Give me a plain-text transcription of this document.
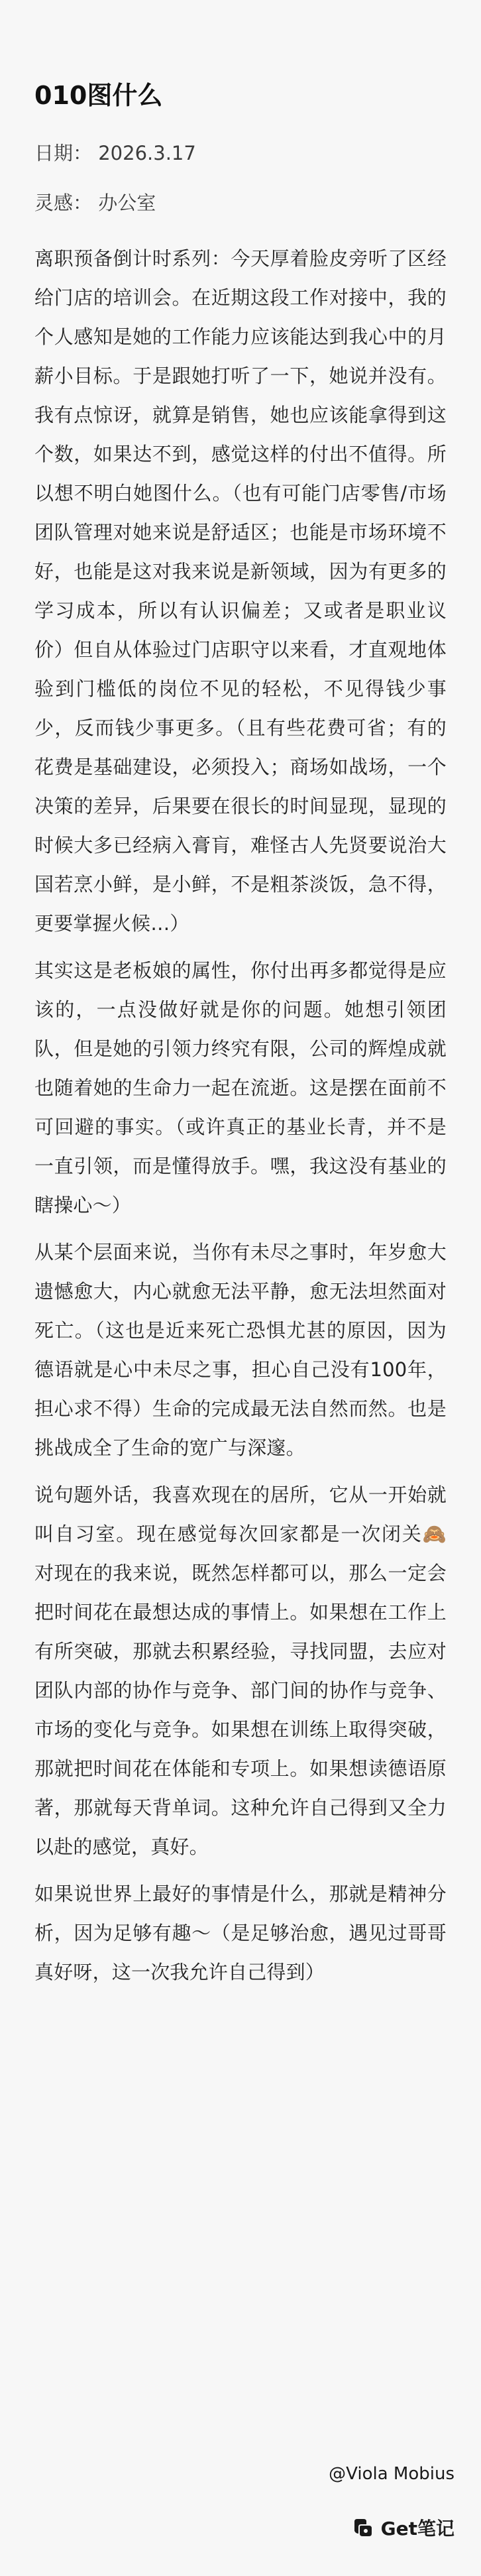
010图什么
日期： 2026.3.17
灵感： 办公室
离职预备倒计时系列：今天厚着脸皮旁听了区经给门店的培训会。在近期这段工作对接中，我的个人感知是她的工作能力应该能达到我心中的月薪小目标。于是跟她打听了一下，她说并没有。我有点惊讶，就算是销售，她也应该能拿得到这个数，如果达不到，感觉这样的付出不值得。所以想不明白她图什么。（也有可能门店零售/市场团队管理对她来说是舒适区；也能是市场环境不好，也能是这对我来说是新领域，因为有更多的学习成本，所以有认识偏差；又或者是职业议价）但自从体验过门店职守以来看，才直观地体验到门槛低的岗位不见的轻松，不见得钱少事少，反而钱少事更多。（且有些花费可省；有的花费是基础建设，必须投入；商场如战场，一个决策的差异，后果要在很长的时间显现，显现的时候大多已经病入膏肓，难怪古人先贤要说治大国若烹小鲜，是小鲜，不是粗茶淡饭，急不得，更要掌握火候…）
其实这是老板娘的属性，你付出再多都觉得是应该的，一点没做好就是你的问题。她想引领团队，但是她的引领力终究有限，公司的辉煌成就也随着她的生命力一起在流逝。这是摆在面前不可回避的事实。（或许真正的基业长青，并不是一直引领，而是懂得放手。嘿，我这没有基业的瞎操心～）
从某个层面来说，当你有未尽之事时，年岁愈大遗憾愈大，内心就愈无法平静，愈无法坦然面对死亡。（这也是近来死亡恐惧尤甚的原因，因为德语就是心中未尽之事，担心自己没有100年，担心求不得）生命的完成最无法自然而然。也是挑战成全了生命的宽广与深邃。
说句题外话，我喜欢现在的居所，它从一开始就叫自习室。现在感觉每次回家都是一次闭关🙈 对现在的我来说，既然怎样都可以，那么一定会把时间花在最想达成的事情上。如果想在工作上有所突破，那就去积累经验，寻找同盟，去应对团队内部的协作与竞争、部门间的协作与竞争、市场的变化与竞争。如果想在训练上取得突破，那就把时间花在体能和专项上。如果想读德语原著，那就每天背单词。这种允许自己得到又全力以赴的感觉，真好。
如果说世界上最好的事情是什么，那就是精神分析，因为足够有趣～（是足够治愈，遇见过哥哥真好呀，这一次我允许自己得到）
@Viola Mobius
Get笔记
